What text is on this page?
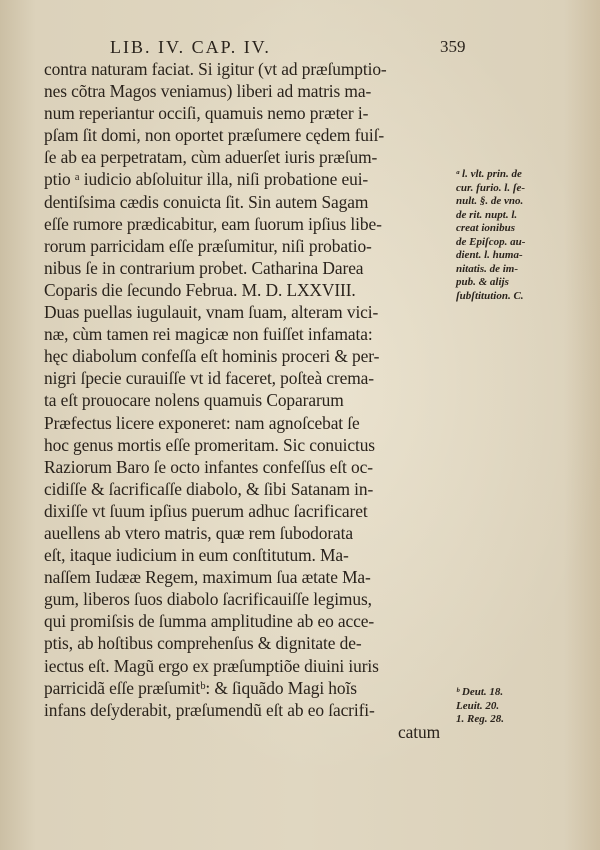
LIB. IV. CAP. IV.	359
contra naturam faciat. Si igitur (vt ad præſumptio-
nes cõtra Magos veniamus) liberi ad matris ma-
num reperiantur occiſi, quamuis nemo præter i-
pſam ſit domi, non oportet præſumere cędem fuiſ-
ſe ab ea perpetratam, cùm aduerſet iuris præſum-
ptio ᵃ iudicio abſoluitur illa, niſi probatione eui-
dentiſsima cædis conuicta ſit. Sin autem Sagam
eſſe rumore prædicabitur, eam ſuorum ipſius libe-
rorum parricidam eſſe præſumitur, niſi probatio-
nibus ſe in contrarium probet. Catharina Darea
Coparis die ſecundo Februa. M. D. LXXVIII.
Duas puellas iugulauit, vnam ſuam, alteram vici-
næ, cùm tamen rei magicæ non fuiſſet infamata:
hęc diabolum confeſſa eſt hominis proceri & per-
nigri ſpecie curauiſſe vt id faceret, poſteà crema-
ta eſt prouocare nolens quamuis Copararum
Præfectus licere exponeret: nam agnoſcebat ſe
hoc genus mortis eſſe promeritam. Sic conuictus
Raziorum Baro ſe octo infantes confeſſus eſt oc-
cidiſſe & ſacrificaſſe diabolo, & ſibi Satanam in-
dixiſſe vt ſuum ipſius puerum adhuc ſacrificaret
auellens ab vtero matris, quæ rem ſubodorata
eſt, itaque iudicium in eum conſtitutum. Ma-
naſſem Iudææ Regem, maximum ſua ætate Ma-
gum, liberos ſuos diabolo ſacrificauiſſe legimus,
qui promiſsis de ſumma amplitudine ab eo acce-
ptis, ab hoſtibus comprehenſus & dignitate de-
iectus eſt. Magũ ergo ex præſumptiõe diuini iuris
parricidã eſſe præſumitᵇ: & ſiquãdo Magi hoĩs
infans deſyderabit, præſumendũ eſt ab eo ſacrifi-
catum
ᵃ l. vlt. prin. de
cur. furio. l. ſe-
nult. §. de vno.
de rit. nupt. l.
creat ionibus
de Epiſcop. au-
dient. l. huma-
nitatis. de im-
pub. & alijs
ſubſtitution. C.
ᵇ Deut. 18.
Leuit. 20.
1. Reg. 28.
